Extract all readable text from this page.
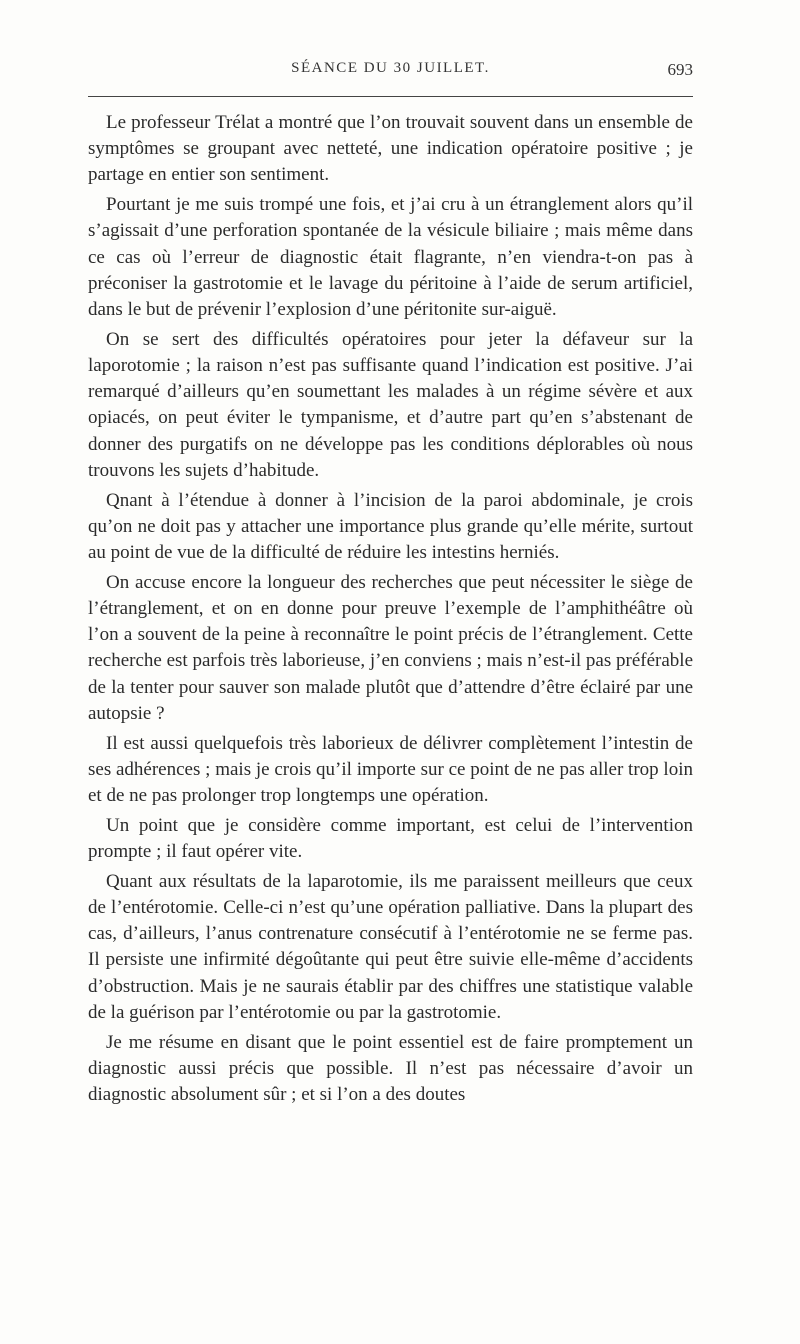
SÉANCE DU 30 JUILLET.	693

Le professeur Trélat a montré que l’on trouvait souvent dans un ensemble de symptômes se groupant avec netteté, une indication opératoire positive ; je partage en entier son sentiment.

Pourtant je me suis trompé une fois, et j’ai cru à un étranglement alors qu’il s’agissait d’une perforation spontanée de la vésicule biliaire ; mais même dans ce cas où l’erreur de diagnostic était flagrante, n’en viendra-t-on pas à préconiser la gastrotomie et le lavage du péritoine à l’aide de serum artificiel, dans le but de prévenir l’explosion d’une péritonite sur-aiguë.

On se sert des difficultés opératoires pour jeter la défaveur sur la laporotomie ; la raison n’est pas suffisante quand l’indication est positive. J’ai remarqué d’ailleurs qu’en soumettant les malades à un régime sévère et aux opiacés, on peut éviter le tympanisme, et d’autre part qu’en s’abstenant de donner des purgatifs on ne développe pas les conditions déplorables où nous trouvons les sujets d’habitude.

Qnant à l’étendue à donner à l’incision de la paroi abdominale, je crois qu’on ne doit pas y attacher une importance plus grande qu’elle mérite, surtout au point de vue de la difficulté de réduire les intestins herniés.

On accuse encore la longueur des recherches que peut nécessiter le siège de l’étranglement, et on en donne pour preuve l’exemple de l’amphithéâtre où l’on a souvent de la peine à reconnaître le point précis de l’étranglement. Cette recherche est parfois très laborieuse, j’en conviens ; mais n’est-il pas préférable de la tenter pour sauver son malade plutôt que d’attendre d’être éclairé par une autopsie ?

Il est aussi quelquefois très laborieux de délivrer complètement l’intestin de ses adhérences ; mais je crois qu’il importe sur ce point de ne pas aller trop loin et de ne pas prolonger trop longtemps une opération.

Un point que je considère comme important, est celui de l’intervention prompte ; il faut opérer vite.

Quant aux résultats de la laparotomie, ils me paraissent meilleurs que ceux de l’entérotomie. Celle-ci n’est qu’une opération palliative. Dans la plupart des cas, d’ailleurs, l’anus contrenature consécutif à l’entérotomie ne se ferme pas. Il persiste une infirmité dégoûtante qui peut être suivie elle-même d’accidents d’obstruction. Mais je ne saurais établir par des chiffres une statistique valable de la guérison par l’entérotomie ou par la gastrotomie.

Je me résume en disant que le point essentiel est de faire promptement un diagnostic aussi précis que possible. Il n’est pas nécessaire d’avoir un diagnostic absolument sûr ; et si l’on a des doutes
